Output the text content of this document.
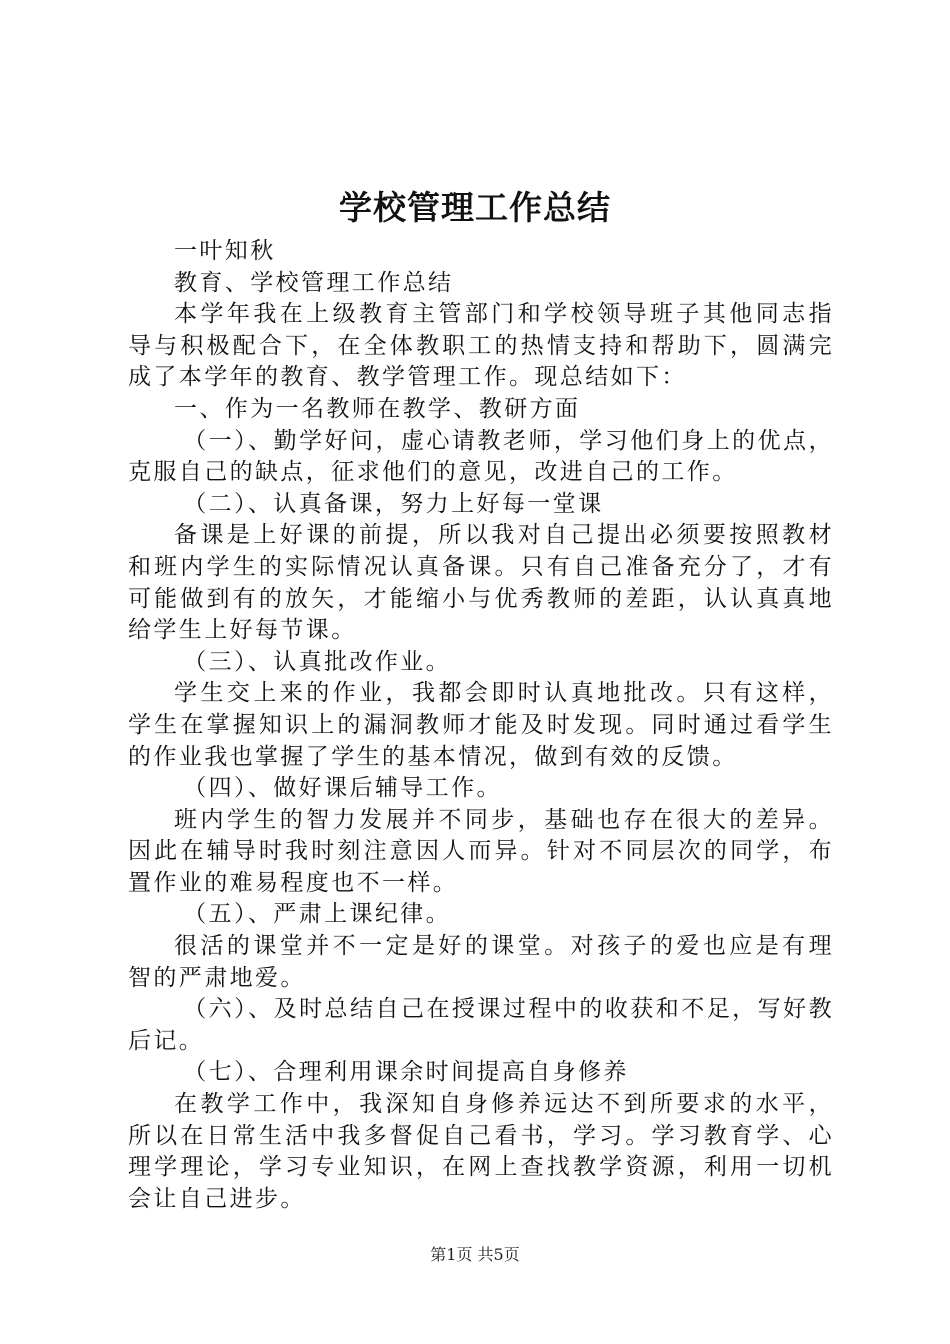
学校管理工作总结

一叶知秋

教育、学校管理工作总结

本学年我在上级教育主管部门和学校领导班子其他同志指导与积极配合下，在全体教职工的热情支持和帮助下，圆满完成了本学年的教育、教学管理工作。现总结如下：

一、作为一名教师在教学、教研方面

（一）、勤学好问，虚心请教老师，学习他们身上的优点，克服自己的缺点，征求他们的意见，改进自己的工作。

（二）、认真备课，努力上好每一堂课

备课是上好课的前提，所以我对自己提出必须要按照教材和班内学生的实际情况认真备课。只有自己准备充分了，才有可能做到有的放矢，才能缩小与优秀教师的差距，认认真真地给学生上好每节课。

（三）、认真批改作业。

学生交上来的作业，我都会即时认真地批改。只有这样，学生在掌握知识上的漏洞教师才能及时发现。同时通过看学生的作业我也掌握了学生的基本情况，做到有效的反馈。

（四）、做好课后辅导工作。

班内学生的智力发展并不同步，基础也存在很大的差异。因此在辅导时我时刻注意因人而异。针对不同层次的同学，布置作业的难易程度也不一样。

（五）、严肃上课纪律。

很活的课堂并不一定是好的课堂。对孩子的爱也应是有理智的严肃地爱。

（六）、及时总结自己在授课过程中的收获和不足，写好教后记。

（七）、合理利用课余时间提高自身修养

在教学工作中，我深知自身修养远达不到所要求的水平，所以在日常生活中我多督促自己看书，学习。学习教育学、心理学理论，学习专业知识，在网上查找教学资源，利用一切机会让自己进步。

第1页 共5页
